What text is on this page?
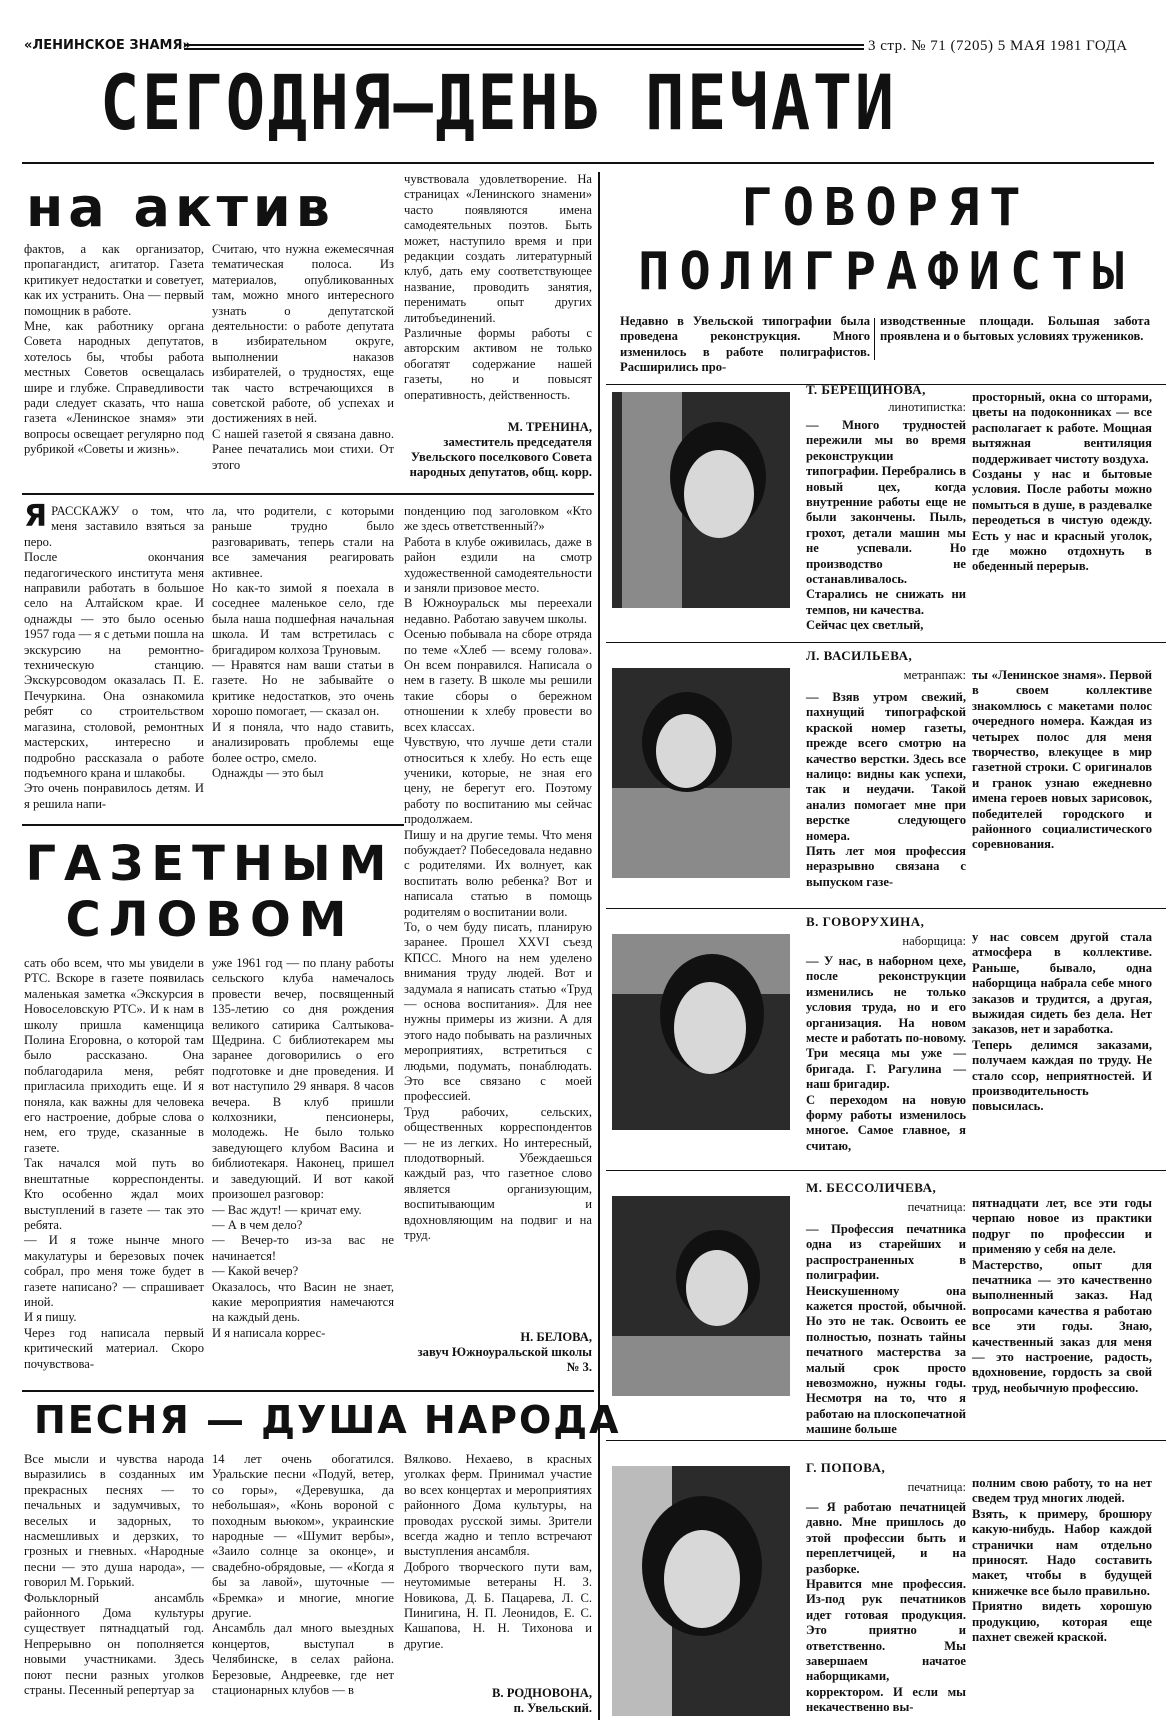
«ЛЕНИНСКОЕ ЗНАМЯ»	3 стр. № 71 (7205) 5 МАЯ 1981 ГОДА
СЕГОДНЯ—ДЕНЬ ПЕЧАТИ
на актив
фактов, а как организатор, пропагандист, агитатор. Газета критикует недостатки и советует, как их устранить. Она — первый помощник в работе.
Мне, как работнику органа Совета народных депутатов, хотелось бы, чтобы работа местных Советов освещалась шире и глубже. Справедливости ради следует сказать, что наша газета «Ленинское знамя» эти вопросы освещает регулярно под рубрикой «Советы и жизнь».
Считаю, что нужна ежемесячная тематическая полоса. Из материалов, опубликованных там, можно много интересного узнать о депутатской деятельности: о работе депутата в избирательном округе, выполнении наказов избирателей, о трудностях, еще так часто встречающихся в советской работе, об успехах и достижениях в ней.
С нашей газетой я связана давно. Ранее печатались мои стихи. От этого
чувствовала удовлетворение. На страницах «Ленинского знамени» часто появляются имена самодеятельных поэтов. Быть может, наступило время и при редакции создать литературный клуб, дать ему соответствующее название, проводить занятия, перенимать опыт других литобъединений.
Различные формы работы с авторским активом не только обогатят содержание нашей газеты, но и повысят оперативность, действенность.
М. ТРЕНИНА,
заместитель председателя Увельского поселкового Совета народных депутатов, общ. корр.
ЯРАССКАЖУ о том, что меня заставило взяться за перо.
После окончания педагогического института меня направили работать в большое село на Алтайском крае. И однажды — это было осенью 1957 года — я с детьми пошла на экскурсию на ремонтно-техническую станцию. Экскурсоводом оказалась П. Е. Печуркина. Она ознакомила ребят со строительством магазина, столовой, ремонтных мастерских, интересно и подробно рассказала о работе подъемного крана и шлакобы.
Это очень понравилось детям. И я решила напи-
ла, что родители, с которыми раньше трудно было разговаривать, теперь стали на все замечания реагировать активнее.
Но как-то зимой я поехала в соседнее маленькое село, где была наша подшефная начальная школа. И там встретилась с бригадиром колхоза Труновым.
— Нравятся нам ваши статьи в газете. Но не забывайте о критике недостатков, это очень хорошо помогает, — сказал он.
И я поняла, что надо ставить, анализировать проблемы еще более остро, смело.
Однажды — это был
ГАЗЕТНЫМ
СЛОВОМ
сать обо всем, что мы увидели в РТС. Вскоре в газете появилась маленькая заметка «Экскурсия в Новоселовскую РТС». И к нам в школу пришла каменщица Полина Егоровна, о которой там было рассказано. Она поблагодарила меня, ребят пригласила приходить еще. И я поняла, как важны для человека его настроение, добрые слова о нем, его труде, сказанные в газете.
Так начался мой путь во внештатные корреспонденты. Кто особенно ждал моих выступлений в газете — так это ребята.
— И я тоже нынче много макулатуры и березовых почек собрал, про меня тоже будет в газете написано? — спрашивает иной.
И я пишу.
Через год написала первый критический материал. Скоро почувствова-
уже 1961 год — по плану работы сельского клуба намечалось провести вечер, посвященный 135-летию со дня рождения великого сатирика Салтыкова-Щедрина. С библиотекарем мы заранее договорились о его подготовке и дне проведения. И вот наступило 29 января. 8 часов вечера. В клуб пришли колхозники, пенсионеры, молодежь. Не было только заведующего клубом Васина и библиотекаря. Наконец, пришел и заведующий. И вот какой произошел разговор:
— Вас ждут! — кричат ему.
— А в чем дело?
— Вечер-то из-за вас не начинается!
— Какой вечер?
Оказалось, что Васин не знает, какие мероприятия намечаются на каждый день.
И я написала коррес-
понденцию под заголовком «Кто же здесь ответственный?»
Работа в клубе оживилась, даже в район ездили на смотр художественной самодеятельности и заняли призовое место.
В Южноуральск мы переехали недавно. Работаю завучем школы.
Осенью побывала на сборе отряда по теме «Хлеб — всему голова». Он всем понравился. Написала о нем в газету. В школе мы решили такие сборы о бережном отношении к хлебу провести во всех классах.
Чувствую, что лучше дети стали относиться к хлебу. Но есть еще ученики, которые, не зная его цену, не берегут его. Поэтому работу по воспитанию мы сейчас продолжаем.
Пишу и на другие темы. Что меня побуждает? Побеседовала недавно с родителями. Их волнует, как воспитать волю ребенка? Вот и написала статью в помощь родителям о воспитании воли.
То, о чем буду писать, планирую заранее. Прошел XXVI съезд КПСС. Много на нем уделено внимания труду людей. Вот и задумала я написать статью «Труд — основа воспитания». Для нее нужны примеры из жизни. А для этого надо побывать на различных мероприятиях, встретиться с людьми, подумать, понаблюдать. Это все связано с моей профессией.
Труд рабочих, сельских, общественных корреспондентов — не из легких. Но интересный, плодотворный. Убеждаешься каждый раз, что газетное слово является организующим, воспитывающим и вдохновляющим на подвиг и на труд.
Н. БЕЛОВА,
завуч Южноуральской школы № 3.
ПЕСНЯ — ДУША НАРОДА
Все мысли и чувства народа выразились в созданных им прекрасных песнях — то печальных и задумчивых, то веселых и задорных, то насмешливых и дерзких, то грозных и гневных. «Народные песни — это душа народа», — говорил М. Горький.
Фольклорный ансамбль районного Дома культуры существует пятнадцатый год. Непрерывно он пополняется новыми участниками. Здесь поют песни разных уголков страны. Песенный репертуар за
14 лет очень обогатился. Уральские песни «Подуй, ветер, со горы», «Деревушка, да небольшая», «Конь вороной с походным вьюком», украинские народные — «Шумит вербы», «Заило солнце за оконце», и свадебно-обрядовые, — «Когда я бы за лавой», шуточные — «Бремка» и многие, многие другие.
Ансамбль дал много выездных концертов, выступал в Челябинске, в селах района. Березовые, Андреевке, где нет стационарных клубов — в
Вялково. Нехаево, в красных уголках ферм. Принимал участие во всех концертах и мероприятиях районного Дома культуры, на проводах русской зимы. Зрители всегда жадно и тепло встречают выступления ансамбля.
Доброго творческого пути вам, неутомимые ветераны Н. З. Новикова, Д. Б. Пацарева, Л. С. Пинигина, Н. П. Леонидов, Е. С. Кашапова, Н. Н. Тихонова и другие.
В. РОДНОВОНА,
п. Увельский.
ГОВОРЯТ
ПОЛИГРАФИСТЫ
Недавно в Увельской типографии была проведена реконструкция. Много изменилось в работе полиграфистов. Расширились про-
изводственные площади. Большая забота проявлена и о бытовых условиях тружеников.
Т. БЕРЕЩИНОВА,
линотипистка:
— Много трудностей пережили мы во время реконструкции типографии. Перебрались в новый цех, когда внутренние работы еще не были закончены. Пыль, грохот, детали машин мы не успевали. Но производство не останавливалось. Старались не снижать ни темпов, ни качества.
Сейчас цех светлый,
просторный, окна со шторами, цветы на подоконниках — все располагает к работе. Мощная вытяжная вентиляция поддерживает чистоту воздуха.
Созданы у нас и бытовые условия. После работы можно помыться в душе, в раздевалке переодеться в чистую одежду. Есть у нас и красный уголок, где можно отдохнуть в обеденный перерыв.
Л. ВАСИЛЬЕВА,
метранпаж:
— Взяв утром свежий, пахнущий типографской краской номер газеты, прежде всего смотрю на качество верстки. Здесь все налицо: видны как успехи, так и неудачи. Такой анализ помогает мне при верстке следующего номера.
Пять лет моя профессия неразрывно связана с выпуском газе-
ты «Ленинское знамя». Первой в своем коллективе знакомлюсь с макетами полос очередного номера. Каждая из четырех полос для меня творчество, влекущее в мир газетной строки. С оригиналов и гранок узнаю ежедневно имена героев новых зарисовок, победителей городского и районного социалистического соревнования.
В. ГОВОРУХИНА,
наборщица:
— У нас, в наборном цехе, после реконструкции изменились не только условия труда, но и его организация. На новом месте и работать по-новому. Три месяца мы уже — бригада. Г. Рагулина — наш бригадир.
С переходом на новую форму работы изменилось многое. Самое главное, я считаю,
у нас совсем другой стала атмосфера в коллективе. Раньше, бывало, одна наборщица набрала себе много заказов и трудится, а другая, выжидая сидеть без дела. Нет заказов, нет и заработка.
Теперь делимся заказами, получаем каждая по труду. Не стало ссор, неприятностей. И производительность повысилась.
М. БЕССОЛИЧЕВА,
печатница:
— Профессия печатника одна из старейших и распространенных в полиграфии. Неискушенному она кажется простой, обычной. Но это не так. Освоить ее полностью, познать тайны печатного мастерства за малый срок просто невозможно, нужны годы. Несмотря на то, что я работаю на плоскопечатной машине больше
пятнадцати лет, все эти годы черпаю новое из практики подруг по профессии и применяю у себя на деле.
Мастерство, опыт для печатника — это качественно выполненный заказ. Над вопросами качества я работаю все эти годы. Знаю, качественный заказ для меня — это настроение, радость, вдохновение, гордость за свой труд, необычную профессию.
Г. ПОПОВА,
печатница:
— Я работаю печатницей давно. Мне пришлось до этой профессии быть и переплетчицей, и на разборке.
Нравится мне профессия. Из-под рук печатников идет готовая продукция. Это приятно и ответственно. Мы завершаем начатое наборщиками, корректором. И если мы некачественно вы-
полним свою работу, то на нет сведем труд многих людей.
Взять, к примеру, брошюру какую-нибудь. Набор каждой странички нам отдельно приносят. Надо составить макет, чтобы в будущей книжечке все было правильно.
Приятно видеть хорошую продукцию, которая еще пахнет свежей краской.
